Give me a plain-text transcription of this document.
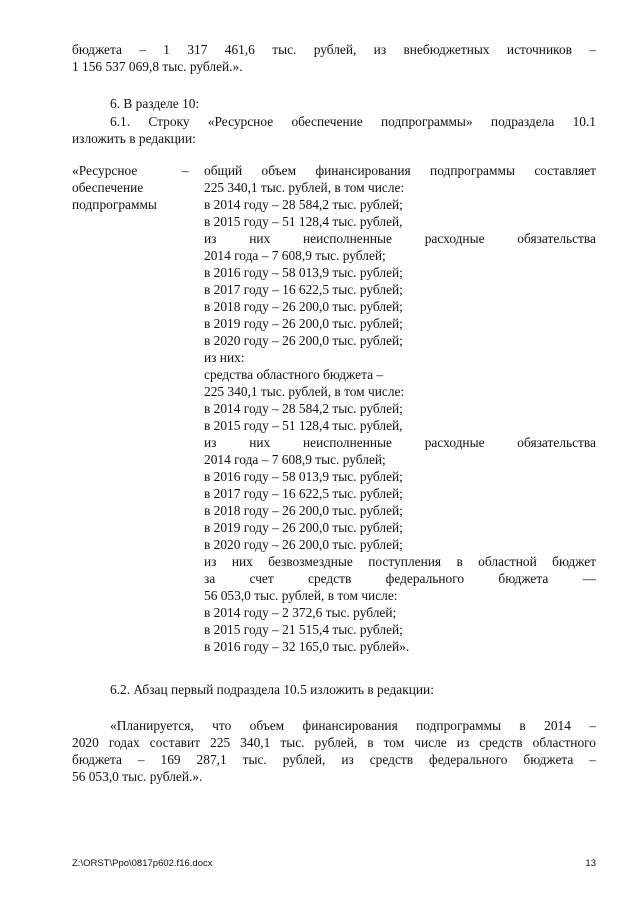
бюджета – 1 317 461,6 тыс. рублей, из внебюджетных источников –
1 156 537 069,8 тыс. рублей.».
6. В разделе 10:
6.1. Строку «Ресурсное обеспечение подпрограммы» подраздела 10.1
изложить в редакции:
«Ресурсное
обеспечение
подпрограммы
– общий объем финансирования подпрограммы составляет
225 340,1 тыс. рублей, в том числе:
в 2014 году – 28 584,2 тыс. рублей;
в 2015 году – 51 128,4 тыс. рублей,
из них неисполненные расходные обязательства
2014 года – 7 608,9 тыс. рублей;
в 2016 году – 58 013,9 тыс. рублей;
в 2017 году – 16 622,5 тыс. рублей;
в 2018 году – 26 200,0 тыс. рублей;
в 2019 году – 26 200,0 тыс. рублей;
в 2020 году – 26 200,0 тыс. рублей;
из них:
средства областного бюджета –
225 340,1 тыс. рублей, в том числе:
в 2014 году – 28 584,2 тыс. рублей;
в 2015 году – 51 128,4 тыс. рублей,
из них неисполненные расходные обязательства
2014 года – 7 608,9 тыс. рублей;
в 2016 году – 58 013,9 тыс. рублей;
в 2017 году – 16 622,5 тыс. рублей;
в 2018 году – 26 200,0 тыс. рублей;
в 2019 году – 26 200,0 тыс. рублей;
в 2020 году – 26 200,0 тыс. рублей;
из них безвозмездные поступления в областной бюджет
за счет средств федерального бюджета —
56 053,0 тыс. рублей, в том числе:
в 2014 году – 2 372,6 тыс. рублей;
в 2015 году – 21 515,4 тыс. рублей;
в 2016 году – 32 165,0 тыс. рублей».
6.2. Абзац первый подраздела 10.5 изложить в редакции:
«Планируется, что объем финансирования подпрограммы в 2014 –
2020 годах составит 225 340,1 тыс. рублей, в том числе из средств областного
бюджета – 169 287,1 тыс. рублей, из средств федерального бюджета –
56 053,0 тыс. рублей.».
Z:\ORST\Ppo\0817p602.f16.docx	13
